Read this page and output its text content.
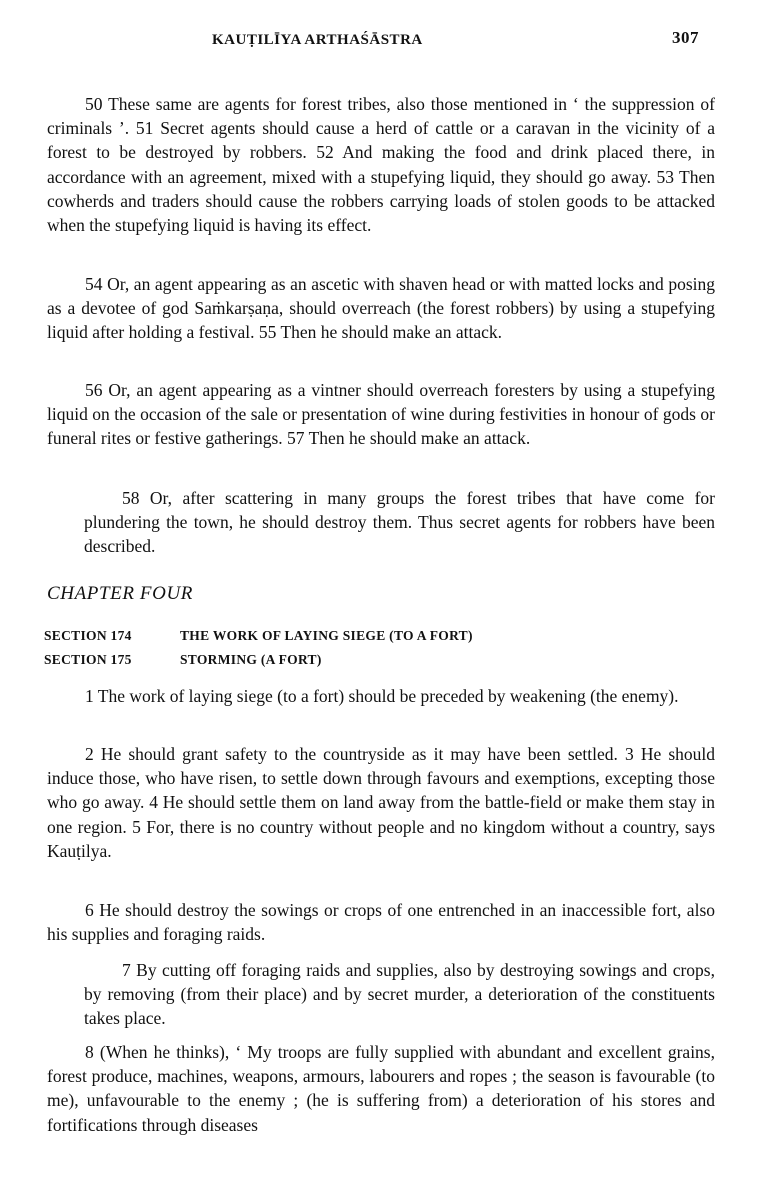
KAUṬILĪYA ARTHAŚĀSTRA	307

50 These same are agents for forest tribes, also those mentioned in ‘ the suppression of criminals ’. 51 Secret agents should cause a herd of cattle or a caravan in the vicinity of a forest to be destroyed by robbers. 52 And making the food and drink placed there, in accordance with an agreement, mixed with a stupefying liquid, they should go away. 53 Then cowherds and traders should cause the robbers carrying loads of stolen goods to be attacked when the stupefying liquid is having its effect.

54 Or, an agent appearing as an ascetic with shaven head or with matted locks and posing as a devotee of god Saṁkarṣaṇa, should overreach (the forest robbers) by using a stupefying liquid after holding a festival. 55 Then he should make an attack.

56 Or, an agent appearing as a vintner should overreach foresters by using a stupefying liquid on the occasion of the sale or presentation of wine during festivities in honour of gods or funeral rites or festive gatherings. 57 Then he should make an attack.

58 Or, after scattering in many groups the forest tribes that have come for plundering the town, he should destroy them. Thus secret agents for robbers have been described.

CHAPTER FOUR
SECTION 174	THE WORK OF LAYING SIEGE (TO A FORT)
SECTION 175	STORMING (A FORT)

1 The work of laying siege (to a fort) should be preceded by weakening (the enemy).

2 He should grant safety to the countryside as it may have been settled. 3 He should induce those, who have risen, to settle down through favours and exemptions, excepting those who go away. 4 He should settle them on land away from the battle-field or make them stay in one region. 5 For, there is no country without people and no kingdom without a country, says Kauṭilya.

6 He should destroy the sowings or crops of one entrenched in an inaccessible fort, also his supplies and foraging raids.

7 By cutting off foraging raids and supplies, also by destroying sowings and crops, by removing (from their place) and by secret murder, a deterioration of the constituents takes place.

8 (When he thinks), ‘ My troops are fully supplied with abundant and excellent grains, forest produce, machines, weapons, armours, labourers and ropes ; the season is favourable (to me), unfavourable to the enemy ; (he is suffering from) a deterioration of his stores and fortifications through diseases
